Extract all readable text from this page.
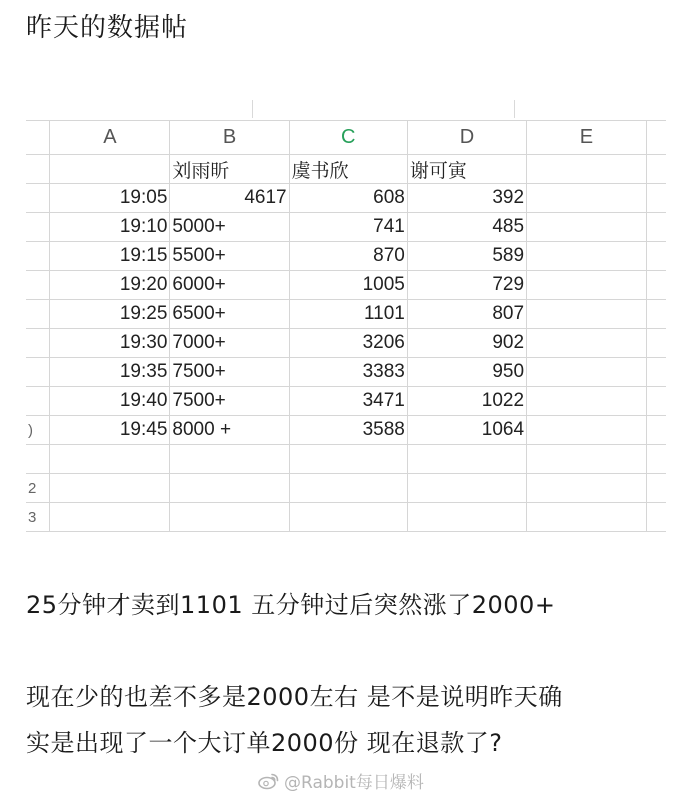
昨天的数据帖
	A	B	C	D	E	
		刘雨昕	虞书欣	谢可寅		
	19:05	4617	608	392		
	19:10	5000+	741	485		
	19:15	5500+	870	589		
	19:20	6000+	1005	729		
	19:25	6500+	1101	807		
	19:30	7000+	3206	902		
	19:35	7500+	3383	950		
	19:40	7500+	3471	1022		
)	19:45	8000 +	3588	1064		

2						
3						
25分钟才卖到1101 五分钟过后突然涨了2000+
现在少的也差不多是2000左右 是不是说明昨天确
实是出现了一个大订单2000份 现在退款了?
@Rabbit每日爆料
